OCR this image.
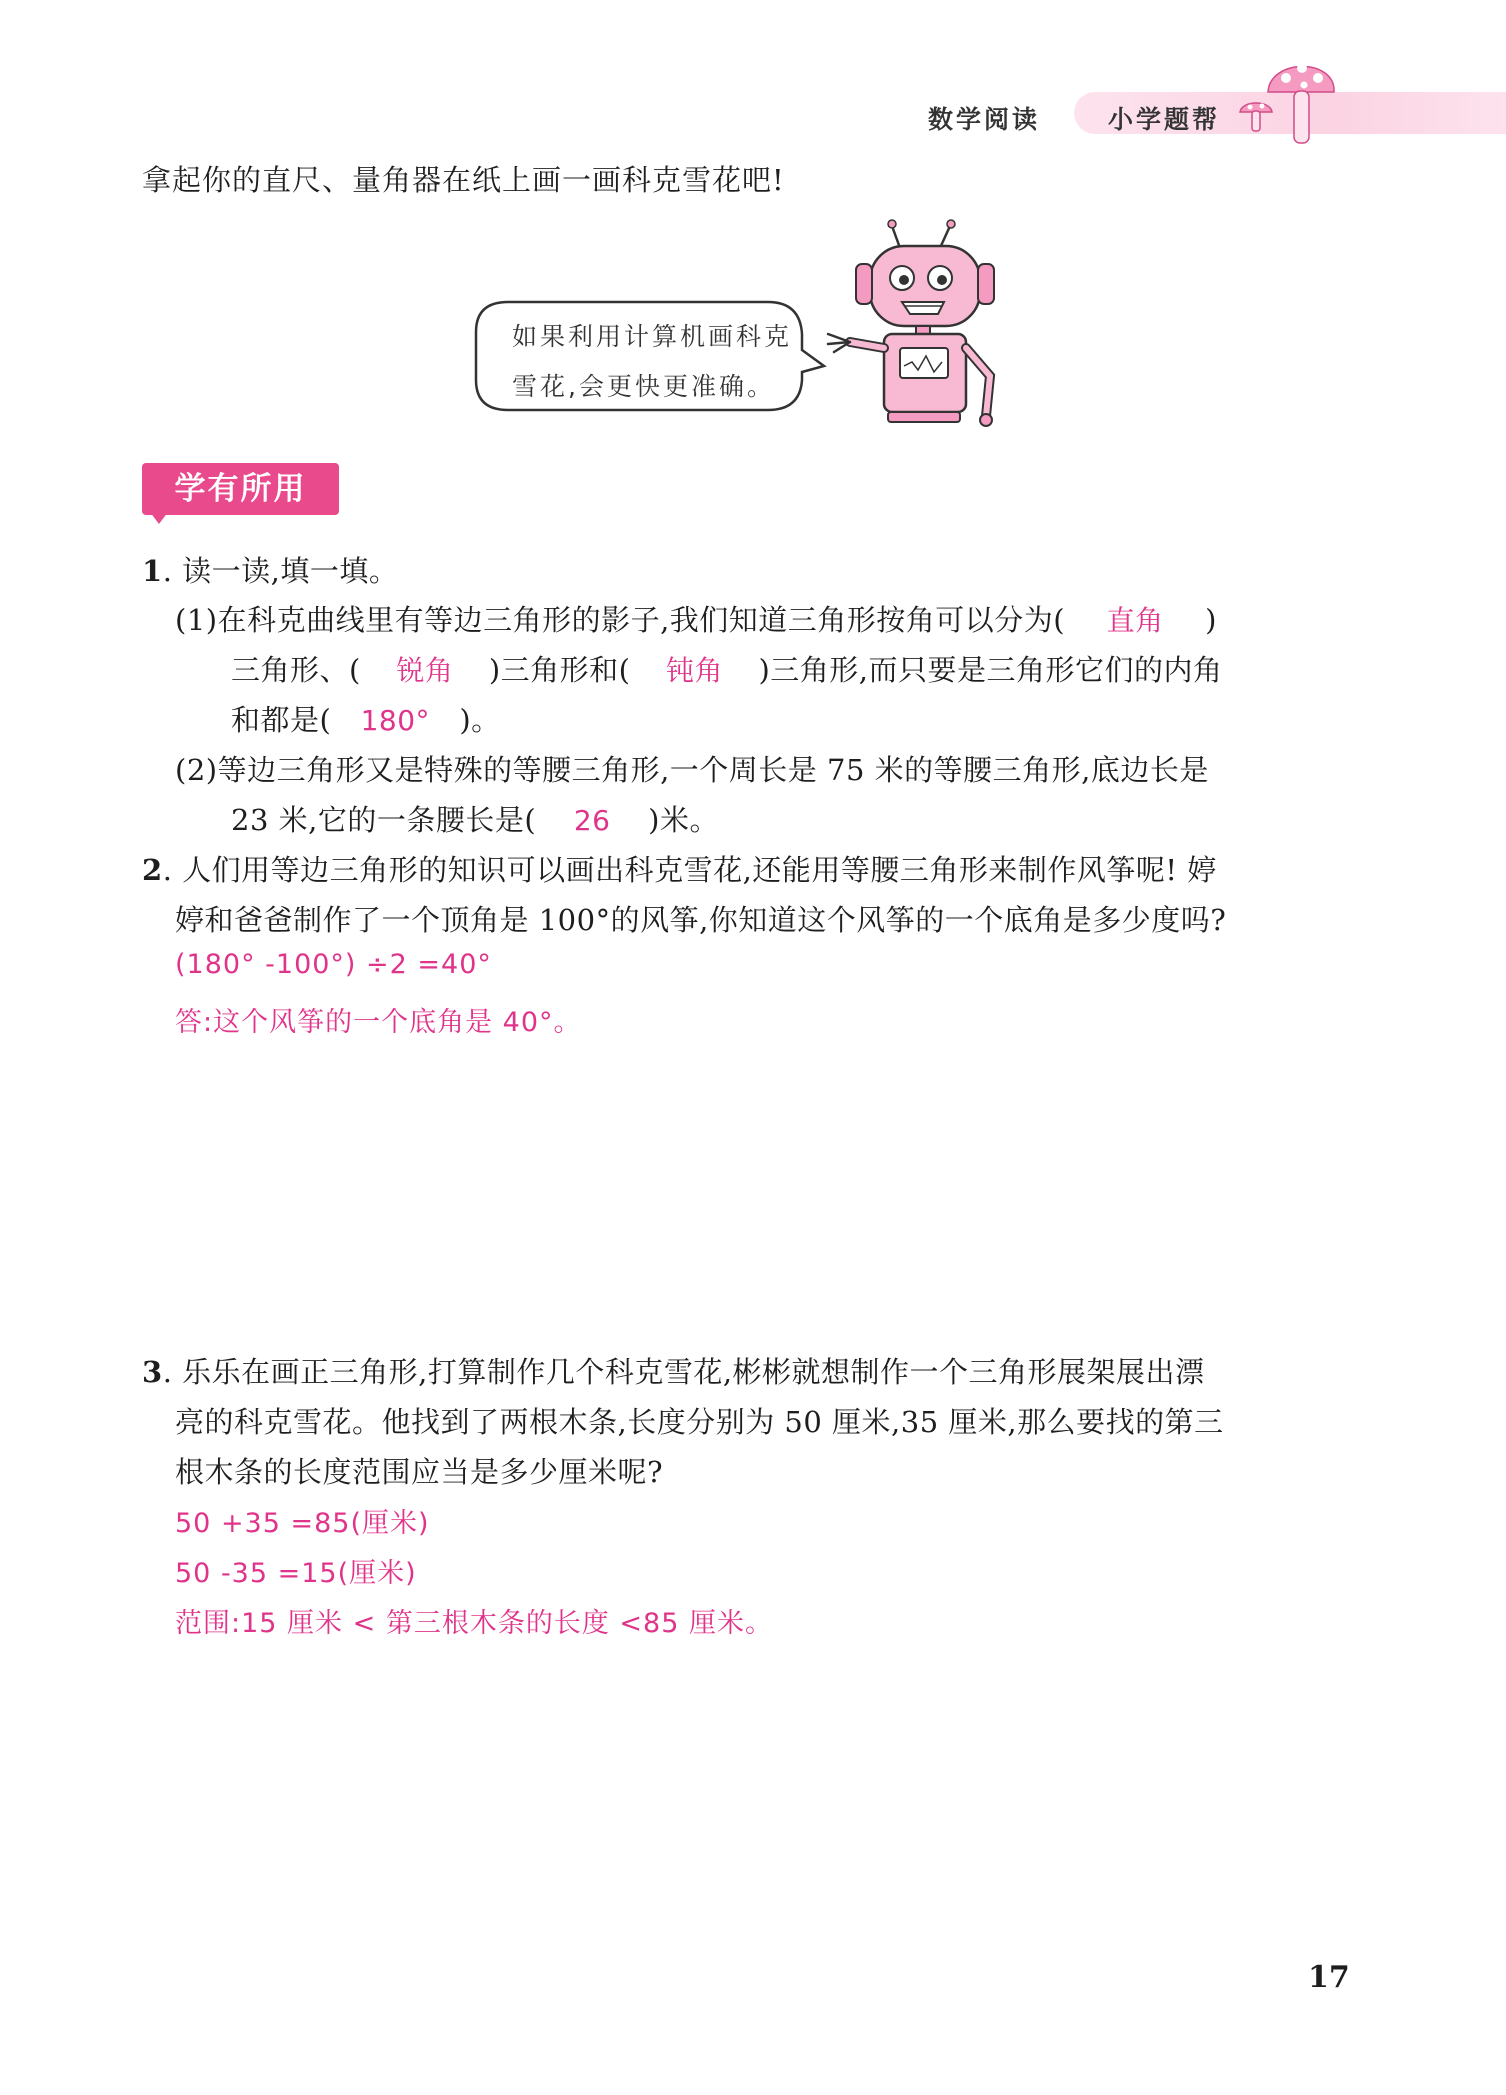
数学阅读	小学题帮
拿起你的直尺、量角器在纸上画一画科克雪花吧!
如果利用计算机画科克
雪花,会更快更准确。
学有所用
1. 读一读,填一填。
(1)在科克曲线里有等边三角形的影子,我们知道三角形按角可以分为( 直角 )
三角形、( 锐角 )三角形和( 钝角 )三角形,而只要是三角形它们的内角
和都是( 180° )。
(2)等边三角形又是特殊的等腰三角形,一个周长是 75 米的等腰三角形,底边长是
23 米,它的一条腰长是( 26 )米。
2. 人们用等边三角形的知识可以画出科克雪花,还能用等腰三角形来制作风筝呢! 婷
婷和爸爸制作了一个顶角是 100°的风筝,你知道这个风筝的一个底角是多少度吗?
(180° -100°) ÷2 =40°
答:这个风筝的一个底角是 40°。
3. 乐乐在画正三角形,打算制作几个科克雪花,彬彬就想制作一个三角形展架展出漂
亮的科克雪花。他找到了两根木条,长度分别为 50 厘米,35 厘米,那么要找的第三
根木条的长度范围应当是多少厘米呢?
50 +35 =85(厘米)
50 -35 =15(厘米)
范围:15 厘米 < 第三根木条的长度 <85 厘米。
17
